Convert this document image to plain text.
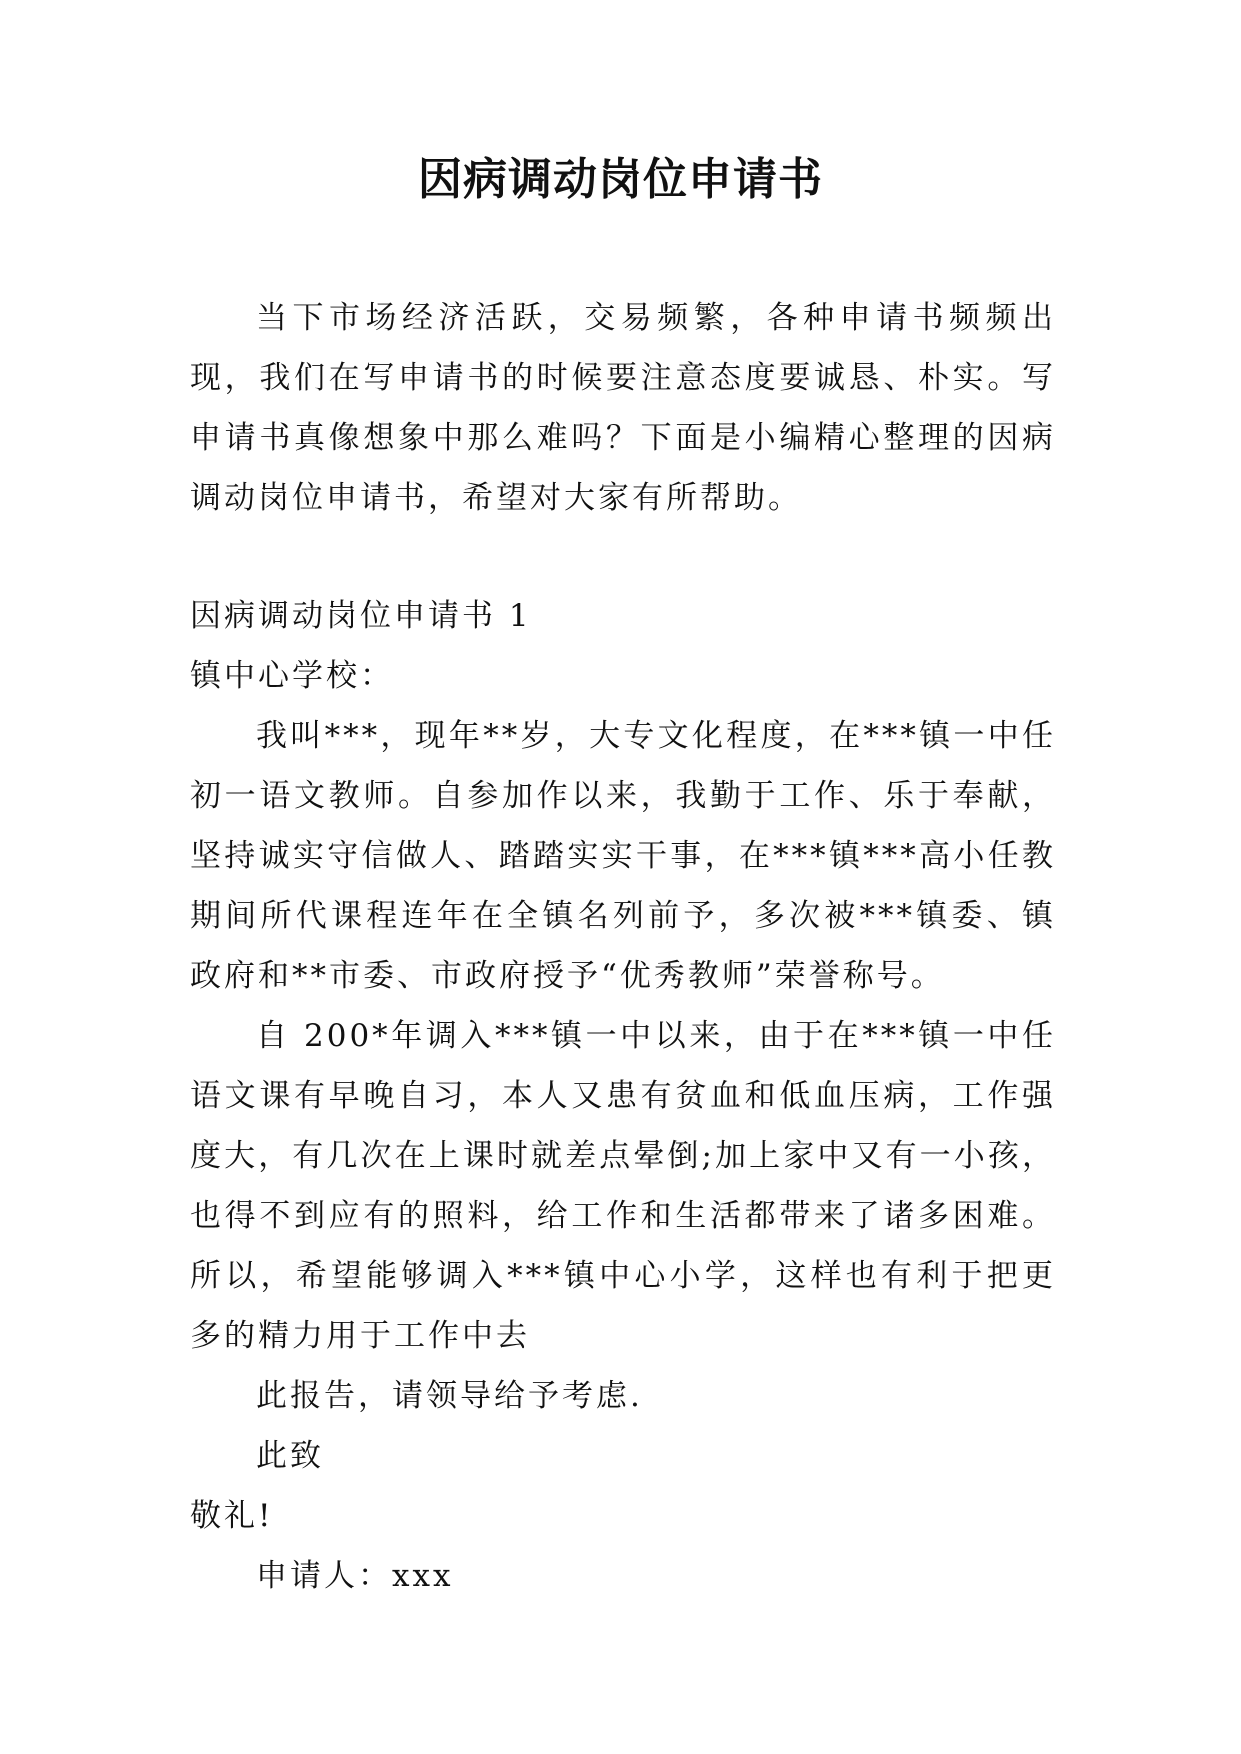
因病调动岗位申请书

当下市场经济活跃，交易频繁，各种申请书频频出现，我们在写申请书的时候要注意态度要诚恳、朴实。写申请书真像想象中那么难吗？下面是小编精心整理的因病调动岗位申请书，希望对大家有所帮助。

因病调动岗位申请书 1

镇中心学校：

我叫***，现年**岁，大专文化程度，在***镇一中任初一语文教师。自参加作以来，我勤于工作、乐于奉献，坚持诚实守信做人、踏踏实实干事，在***镇***高小任教期间所代课程连年在全镇名列前予，多次被***镇委、镇政府和**市委、市政府授予“优秀教师”荣誉称号。

自 200*年调入***镇一中以来，由于在***镇一中任语文课有早晚自习，本人又患有贫血和低血压病，工作强度大，有几次在上课时就差点晕倒;加上家中又有一小孩，也得不到应有的照料，给工作和生活都带来了诸多困难。所以，希望能够调入***镇中心小学，这样也有利于把更多的精力用于工作中去

此报告，请领导给予考虑.

此致

敬礼!

申请人：xxx
